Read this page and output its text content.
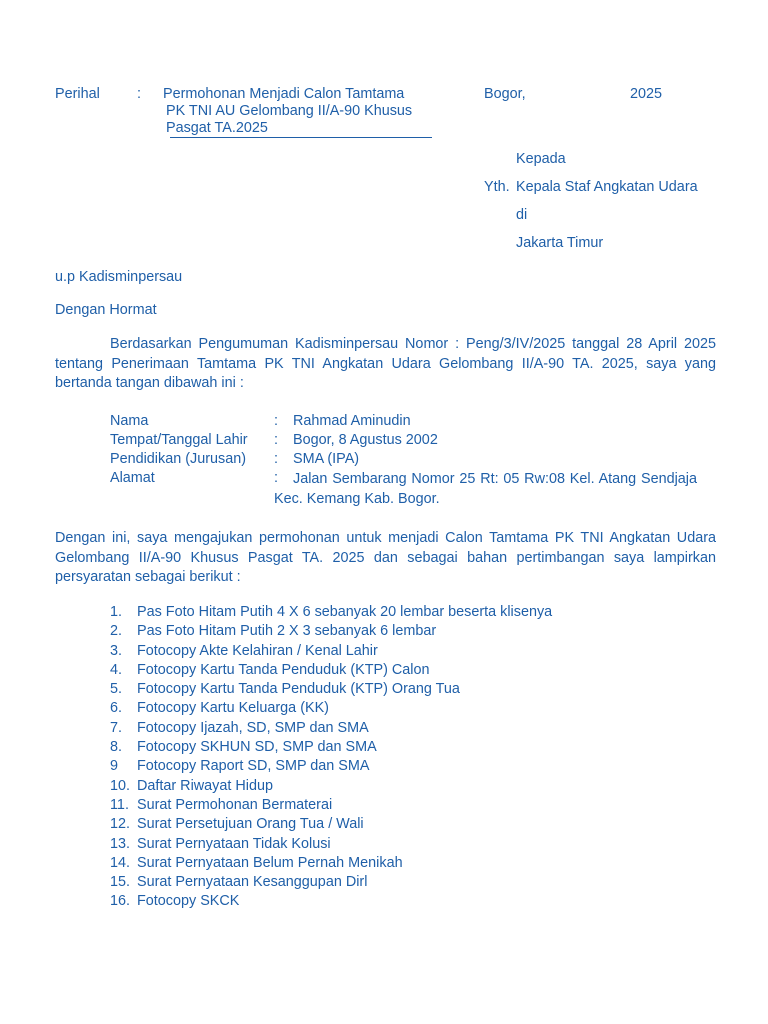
Perihal	: Permohonan Menjadi Calon Tamtama
PK TNI AU Gelombang II/A-90 Khusus
Pasgat TA.2025
Bogor,	2025
Kepada
Yth. Kepala Staf Angkatan Udara
di
Jakarta Timur
u.p Kadisminpersau
Dengan Hormat
Berdasarkan Pengumuman Kadisminpersau Nomor : Peng/3/IV/2025 tanggal 28 April 2025 tentang Penerimaan Tamtama PK TNI Angkatan Udara Gelombang II/A-90 TA. 2025, saya yang bertanda tangan dibawah ini :
Nama	: Rahmad Aminudin
Tempat/Tanggal Lahir : Bogor, 8 Agustus 2002
Pendidikan (Jurusan) : SMA (IPA)
Alamat	:	Jalan Sembarang Nomor 25 Rt: 05 Rw:08 Kel. Atang Sendjaja Kec. Kemang Kab. Bogor.
Dengan ini, saya mengajukan permohonan untuk menjadi Calon Tamtama PK TNI Angkatan Udara Gelombang II/A-90 Khusus Pasgat TA. 2025 dan sebagai bahan pertimbangan saya lampirkan persyaratan sebagai berikut :
1. Pas Foto Hitam Putih 4 X 6 sebanyak 20 lembar beserta klisenya
2. Pas Foto Hitam Putih 2 X 3 sebanyak 6 lembar
3. Fotocopy Akte Kelahiran / Kenal Lahir
4. Fotocopy Kartu Tanda Penduduk (KTP) Calon
5. Fotocopy Kartu Tanda Penduduk (KTP) Orang Tua
6. Fotocopy Kartu Keluarga (KK)
7. Fotocopy Ijazah, SD, SMP dan SMA
8. Fotocopy SKHUN SD, SMP dan SMA
9 Fotocopy Raport SD, SMP dan SMA
10. Daftar Riwayat Hidup
11. Surat Permohonan Bermaterai
12. Surat Persetujuan Orang Tua / Wali
13. Surat Pernyataan Tidak Kolusi
14. Surat Pernyataan Belum Pernah Menikah
15. Surat Pernyataan Kesanggupan Dirl
16. Fotocopy SKCK
